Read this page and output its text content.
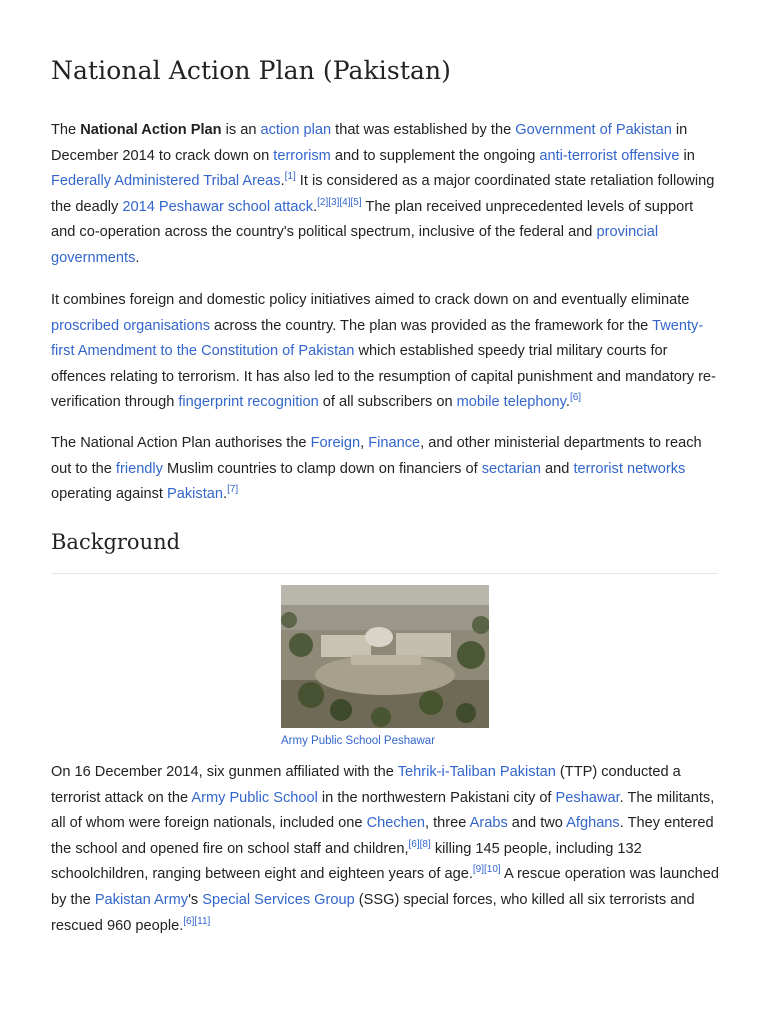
National Action Plan (Pakistan)

The National Action Plan is an action plan that was established by the Government of Pakistan in December 2014 to crack down on terrorism and to supplement the ongoing anti-terrorist offensive in Federally Administered Tribal Areas.[1] It is considered as a major coordinated state retaliation following the deadly 2014 Peshawar school attack.[2][3][4][5] The plan received unprecedented levels of support and co-operation across the country's political spectrum, inclusive of the federal and provincial governments.

It combines foreign and domestic policy initiatives aimed to crack down on and eventually eliminate proscribed organisations across the country. The plan was provided as the framework for the Twenty-first Amendment to the Constitution of Pakistan which established speedy trial military courts for offences relating to terrorism. It has also led to the resumption of capital punishment and mandatory re-verification through fingerprint recognition of all subscribers on mobile telephony.[6]

The National Action Plan authorises the Foreign, Finance, and other ministerial departments to reach out to the friendly Muslim countries to clamp down on financiers of sectarian and terrorist networks operating against Pakistan.[7]

Background
Army Public School Peshawar

On 16 December 2014, six gunmen affiliated with the Tehrik-i-Taliban Pakistan (TTP) conducted a terrorist attack on the Army Public School in the northwestern Pakistani city of Peshawar. The militants, all of whom were foreign nationals, included one Chechen, three Arabs and two Afghans. They entered the school and opened fire on school staff and children,[6][8] killing 145 people, including 132 schoolchildren, ranging between eight and eighteen years of age.[9][10] A rescue operation was launched by the Pakistan Army's Special Services Group (SSG) special forces, who killed all six terrorists and rescued 960 people.[6][11]
